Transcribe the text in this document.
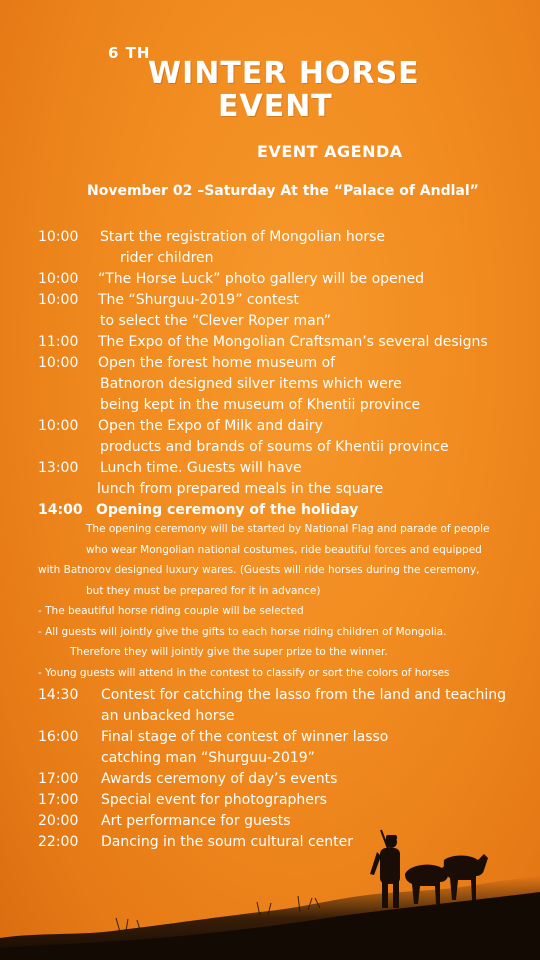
6 TH
WINTER HORSE
EVENT
EVENT AGENDA
November 02 –Saturday At the “Palace of Andlal”
10:00 Start the registration of Mongolian horse
rider children
10:00 “The Horse Luck” photo gallery will be opened
10:00 The “Shurguu-2019” contest
to select the “Clever Roper man”
11:00 The Expo of the Mongolian Craftsman’s several designs
10:00 Open the forest home museum of
Batnoron designed silver items which were
being kept in the museum of Khentii province
10:00 Open the Expo of Milk and dairy
products and brands of soums of Khentii province
13:00 Lunch time. Guests will have
lunch from prepared meals in the square
14:00 Opening ceremony of the holiday
The opening ceremony will be started by National Flag and parade of people
who wear Mongolian national costumes, ride beautiful forces and equipped
with Batnorov designed luxury wares. (Guests will ride horses during the ceremony,
but they must be prepared for it in advance)
- The beautiful horse riding couple will be selected
- All guests will jointly give the gifts to each horse riding children of Mongolia.
Therefore they will jointly give the super prize to the winner.
- Young guests will attend in the contest to classify or sort the colors of horses
14:30 Contest for catching the lasso from the land and teaching
an unbacked horse
16:00 Final stage of the contest of winner lasso
catching man “Shurguu-2019”
17:00 Awards ceremony of day’s events
17:00 Special event for photographers
20:00 Art performance for guests
22:00 Dancing in the soum cultural center
